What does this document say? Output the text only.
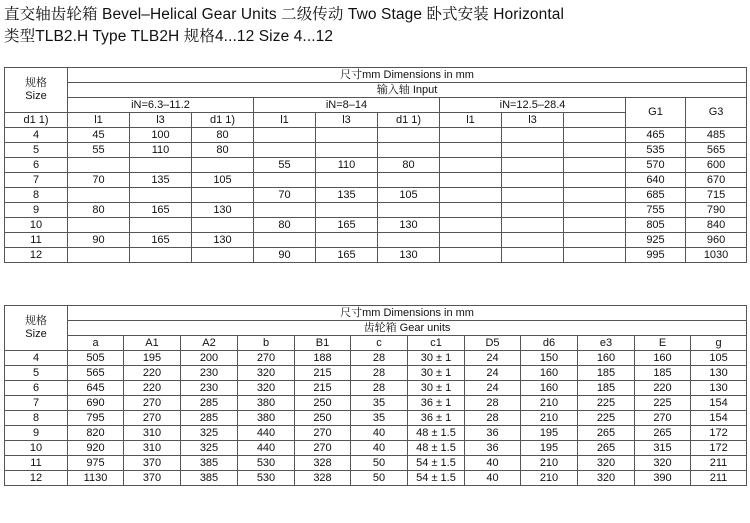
直交轴齿轮箱 Bevel–Helical Gear Units 二级传动 Two Stage 卧式安装 Horizontal
类型TLB2.H Type TLB2H 规格4...12 Size 4...12
规格
Size	尺寸mm Dimensions in mm										
	输入轴 Input										
	iN=6.3–11.2			iN=8–14			iN=12.5–28.4			G1	G3
d1 1)	l1	l3	d1 1)	l1	l3	d1 1)	l1	l3			
4	45	100	80							465	485
5	55	110	80							535	565
6				55	110	80				570	600
7	70	135	105							640	670
8				70	135	105				685	715
9	80	165	130							755	790
10				80	165	130				805	840
11	90	165	130							925	960
12				90	165	130				995	1030
规格
Size	尺寸mm Dimensions in mm											
	齿轮箱 Gear units											
	a	A1	A2	b	B1	c	c1	D5	d6	e3	E	g
4	505	195	200	270	188	28	30 ± 1	24	150	160	160	105
5	565	220	230	320	215	28	30 ± 1	24	160	185	185	130
6	645	220	230	320	215	28	30 ± 1	24	160	185	220	130
7	690	270	285	380	250	35	36 ± 1	28	210	225	225	154
8	795	270	285	380	250	35	36 ± 1	28	210	225	270	154
9	820	310	325	440	270	40	48 ± 1.5	36	195	265	265	172
10	920	310	325	440	270	40	48 ± 1.5	36	195	265	315	172
11	975	370	385	530	328	50	54 ± 1.5	40	210	320	320	211
12	1130	370	385	530	328	50	54 ± 1.5	40	210	320	390	211
